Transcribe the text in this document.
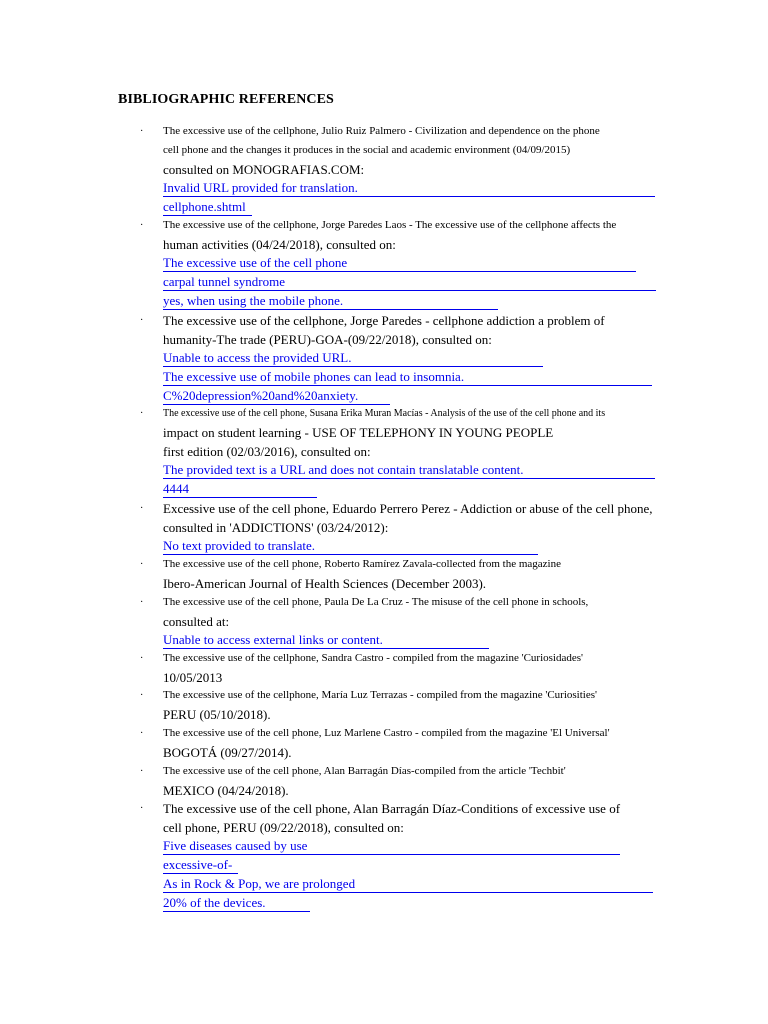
BIBLIOGRAPHIC REFERENCES
· The excessive use of the cellphone, Julio Ruiz Palmero - Civilization and dependence on the phone
cell phone and the changes it produces in the social and academic environment (04/09/2015)
consulted on MONOGRAFIAS.COM:
Invalid URL provided for translation.
cellphone.shtml
· The excessive use of the cellphone, Jorge Paredes Laos - The excessive use of the cellphone affects the
human activities (04/24/2018), consulted on:
The excessive use of the cell phone
carpal tunnel syndrome
yes, when using the mobile phone.
· The excessive use of the cellphone, Jorge Paredes - cellphone addiction a problem of
humanity-The trade (PERU)-GOA-(09/22/2018), consulted on:
Unable to access the provided URL.
The excessive use of mobile phones can lead to insomnia.
C%20depression%20and%20anxiety.
· The excessive use of the cell phone, Susana Erika Muran Macías - Analysis of the use of the cell phone and its
impact on student learning - USE OF TELEPHONY IN YOUNG PEOPLE
first edition (02/03/2016), consulted on:
The provided text is a URL and does not contain translatable content.
4444
· Excessive use of the cell phone, Eduardo Perrero Perez - Addiction or abuse of the cell phone,
consulted in 'ADDICTIONS' (03/24/2012):
No text provided to translate.
· The excessive use of the cell phone, Roberto Ramírez Zavala-collected from the magazine
Ibero-American Journal of Health Sciences (December 2003).
· The excessive use of the cell phone, Paula De La Cruz - The misuse of the cell phone in schools,
consulted at:
Unable to access external links or content.
· The excessive use of the cellphone, Sandra Castro - compiled from the magazine 'Curiosidades'
10/05/2013
· The excessive use of the cellphone, María Luz Terrazas - compiled from the magazine 'Curiosities'
PERU (05/10/2018).
· The excessive use of the cell phone, Luz Marlene Castro - compiled from the magazine 'El Universal'
BOGOTÁ (09/27/2014).
· The excessive use of the cell phone, Alan Barragán Días-compiled from the article 'Techbit'
MEXICO (04/24/2018).
· The excessive use of the cell phone, Alan Barragán Díaz-Conditions of excessive use of
cell phone, PERU (09/22/2018), consulted on:
Five diseases caused by use
excessive-of-
As in Rock & Pop, we are prolonged
20% of the devices.
